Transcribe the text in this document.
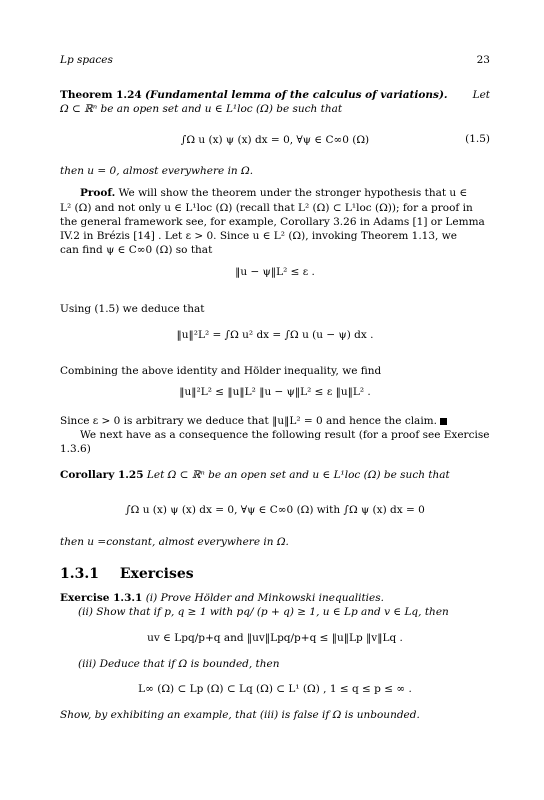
Lp spaces	23
Theorem 1.24 (Fundamental lemma of the calculus of variations). Let
Ω ⊂ ℝⁿ be an open set and u ∈ L¹loc (Ω) be such that
∫Ω u (x) ψ (x) dx = 0, ∀ψ ∈ C∞0 (Ω)	(1.5)
then u = 0, almost everywhere in Ω.
Proof. We will show the theorem under the stronger hypothesis that u ∈
L² (Ω) and not only u ∈ L¹loc (Ω) (recall that L² (Ω) ⊂ L¹loc (Ω)); for a proof in
the general framework see, for example, Corollary 3.26 in Adams [1] or Lemma
IV.2 in Brézis [14] . Let ε > 0. Since u ∈ L² (Ω), invoking Theorem 1.13, we
can find ψ ∈ C∞0 (Ω) so that
‖u − ψ‖L² ≤ ε .
Using (1.5) we deduce that
‖u‖²L² = ∫Ω u² dx = ∫Ω u (u − ψ) dx .
Combining the above identity and Hölder inequality, we find
‖u‖²L² ≤ ‖u‖L² ‖u − ψ‖L² ≤ ε ‖u‖L² .
Since ε > 0 is arbitrary we deduce that ‖u‖L² = 0 and hence the claim.
We next have as a consequence the following result (for a proof see Exercise
1.3.6)
Corollary 1.25 Let Ω ⊂ ℝⁿ be an open set and u ∈ L¹loc (Ω) be such that
∫Ω u (x) ψ (x) dx = 0, ∀ψ ∈ C∞0 (Ω) with ∫Ω ψ (x) dx = 0
then u =constant, almost everywhere in Ω.
1.3.1 Exercises
Exercise 1.3.1 (i) Prove Hölder and Minkowski inequalities.
(ii) Show that if p, q ≥ 1 with pq/ (p + q) ≥ 1, u ∈ Lp and v ∈ Lq, then
uv ∈ Lpq/p+q and ‖uv‖Lpq/p+q ≤ ‖u‖Lp ‖v‖Lq .
(iii) Deduce that if Ω is bounded, then
L∞ (Ω) ⊂ Lp (Ω) ⊂ Lq (Ω) ⊂ L¹ (Ω) , 1 ≤ q ≤ p ≤ ∞ .
Show, by exhibiting an example, that (iii) is false if Ω is unbounded.
